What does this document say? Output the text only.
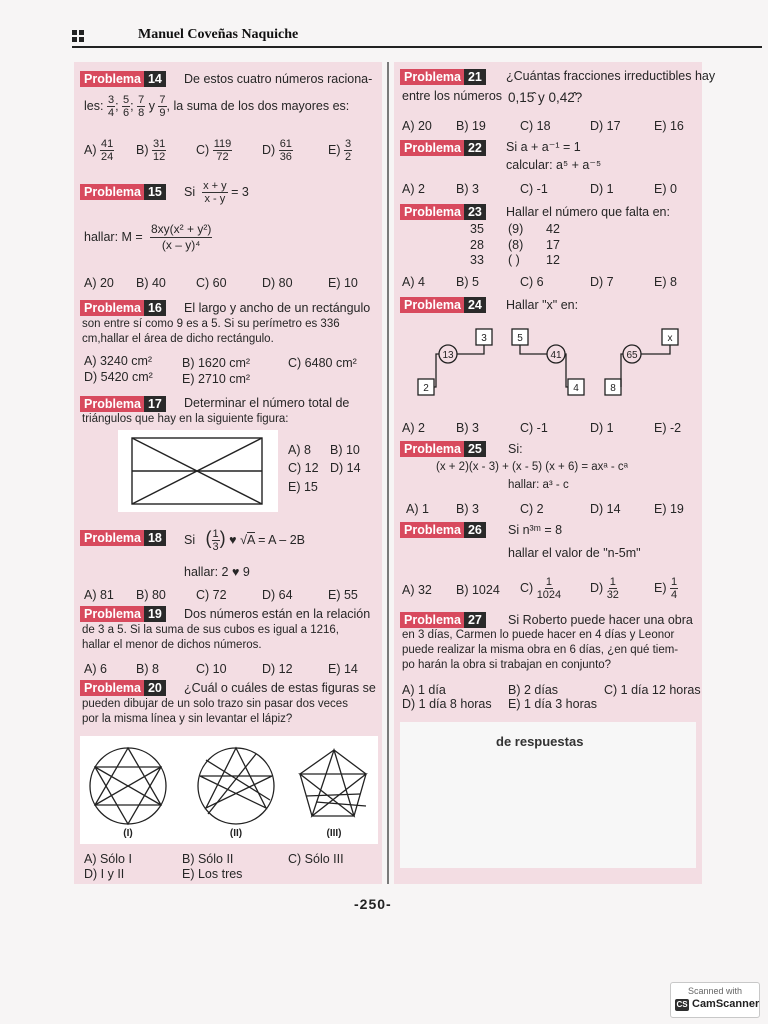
Manuel Coveñas Naquiche
Problema 14	De estos cuatro números raciona-
les: $\frac{3}{4}$ ; $\frac{5}{6}$ ; $\frac{7}{8}$ y $\frac{7}{9}$ , la suma de los dos mayores es:
$A) \frac{41}{24} B) \frac{31}{12} C) \frac{119}{72} D) \frac{61}{36}$	$E) \frac{3}{2}$
Problema 15	Si $\frac{x + y}{x - y} = 3$
hallar: $M = \frac{\text{8xy(x² + y²)}}{\text{(x – y)⁴}}$
A) 20 B) 40 C) 60	D) 80	E) 10
Problema 16	El largo y ancho de un rectángulo
son entre sí como 9 es a 5. Si su perímetro es 336
cm,hallar el área de dicho rectángulo.
A) 3240 cm² B) 1620 cm²	C) 6480 cm²
D) 5420 cm² E) 2710 cm²
Problema 17	Determinar el número total de
triángulos que hay en la siguiente figura:
A) 8 B) 10
C) 12 D) 14
E) 15
Problema 18	Si ( $\frac{1}{3}$ ) ♥ √A = A – 2B
hallar: 2 ♥ 9
A) 81 B) 80 C) 72	D) 64	E) 55
Problema 19	Dos números están en la relación
de 3 a 5. Si la suma de sus cubos es igual a 1216,
hallar el menor de dichos números.
A) 6 B) 8	C) 10	D) 12	E) 14
Problema 20	¿Cuál o cuáles de estas figuras se
pueden dibujar de un solo trazo sin pasar dos veces
por la misma línea y sin levantar el lápiz?
(I)	(II)	(III)
A) Sólo I	B) Sólo II	C) Sólo III
D) I y II	E) Los tres
Problema 21	¿Cuántas fracciones irreductibles hay
entre los números 0,15̂ y 0,42̂?
A) 20 B) 19	C) 18	D) 17	E) 16
Problema 22	Si a + a⁻¹ = 1
calcular: a⁵ + a⁻⁵
A) 2 B) 3	C) -1	D) 1	E) 0
Problema 23	Hallar el número que falta en:
35 (9) 42
28 (8) 17
33 ( ) 12
A) 4 B) 5	C) 6	D) 7	E) 8
Problema 24	Hallar "x" en:
13	41	65
3	5	x
2	4	8
A) 2 B) 3	C) -1	D) 1	E) -2
Problema 25	Si:
(x + 2)(x - 3) + (x - 5) (x + 6) = axᵃ - cᵃ
hallar: a³ - c
A) 1 B) 3	C) 2	D) 14	E) 19
Problema 26	Si n³ᵐ = 8
hallar el valor de "n-5m"
A) 32 B) 1024 $C) \frac{1}{1024} D) \frac{1}{32}$	$E) \frac{1}{4}$
Problema 27	Si Roberto puede hacer una obra
en 3 días, Carmen lo puede hacer en 4 días y Leonor
puede realizar la misma obra en 6 días, ¿en qué tiem-
po harán la obra si trabajan en conjunto?
A) 1 día	B) 2 días	C) 1 día 12 horas
D) 1 día 8 horas E) 1 día 3 horas
de respuestas
-250-
Scanned with
CS CamScanner
